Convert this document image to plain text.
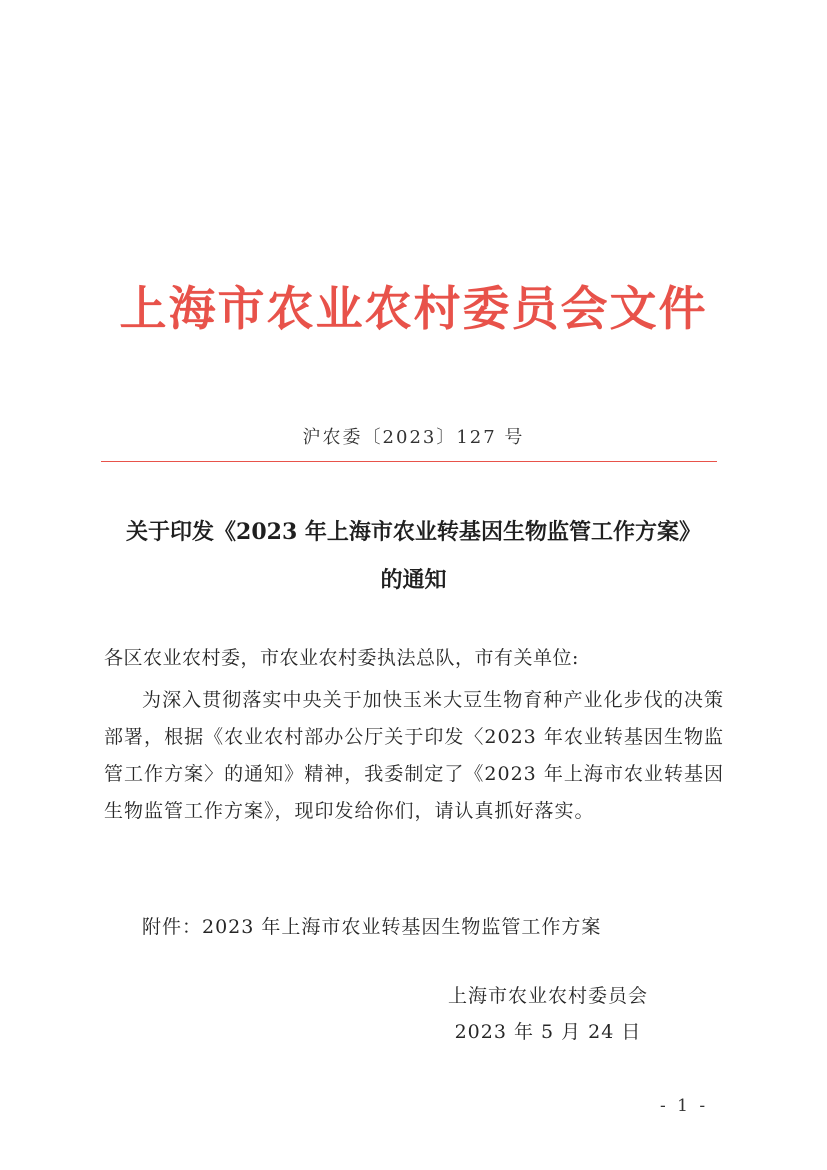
上海市农业农村委员会文件
沪农委〔2023〕127 号
关于印发《2023 年上海市农业转基因生物监管工作方案》
的通知
各区农业农村委，市农业农村委执法总队，市有关单位:
为深入贯彻落实中央关于加快玉米大豆生物育种产业化步伐的决策部署，根据《农业农村部办公厅关于印发〈2023 年农业转基因生物监管工作方案〉的通知》精神，我委制定了《2023 年上海市农业转基因生物监管工作方案》，现印发给你们，请认真抓好落实。
附件：2023 年上海市农业转基因生物监管工作方案
上海市农业农村委员会
2023 年 5 月 24 日
- 1 -
